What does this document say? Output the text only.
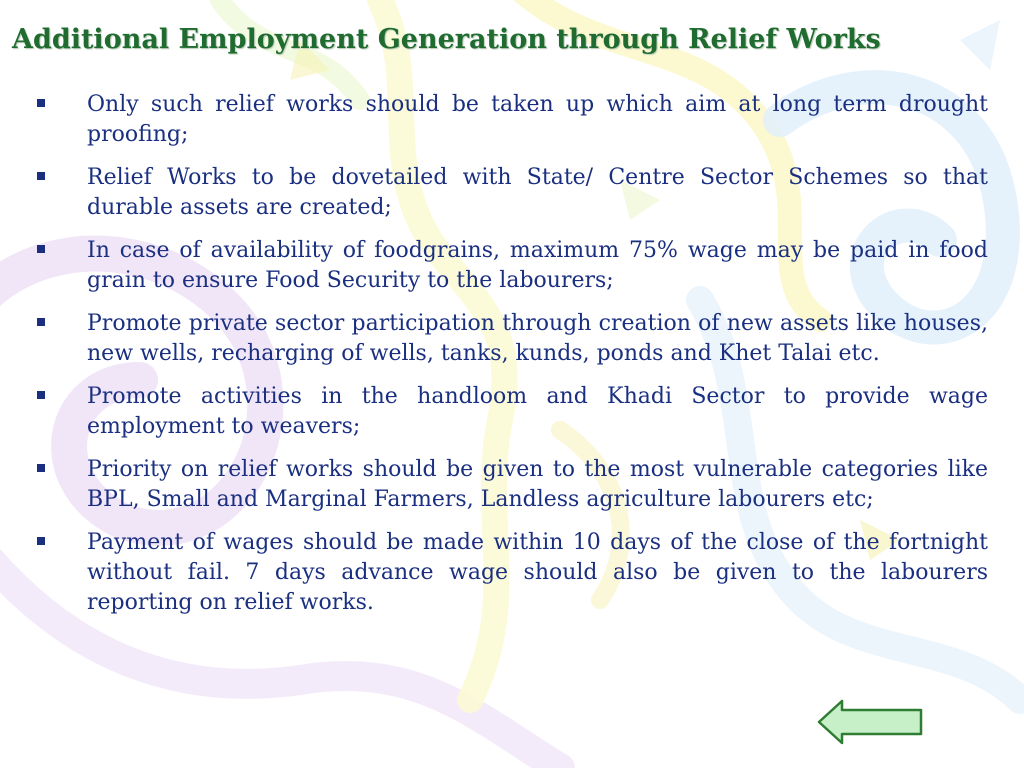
Additional Employment Generation through Relief Works
Only such relief works should be taken up which aim at long term drought proofing;
Relief Works to be dovetailed with State/ Centre Sector Schemes so that durable assets are created;
In case of availability of foodgrains, maximum 75% wage may be paid in food grain to ensure Food Security to the labourers;
Promote private sector participation through creation of new assets like houses, new wells, recharging of wells, tanks, kunds, ponds and Khet Talai etc.
Promote activities in the handloom and Khadi Sector to provide wage employment to weavers;
Priority on relief works should be given to the most vulnerable categories like BPL, Small and Marginal Farmers, Landless agriculture labourers etc;
Payment of wages should be made within 10 days of the close of the fortnight without fail. 7 days advance wage should also be given to the labourers reporting on relief works.
